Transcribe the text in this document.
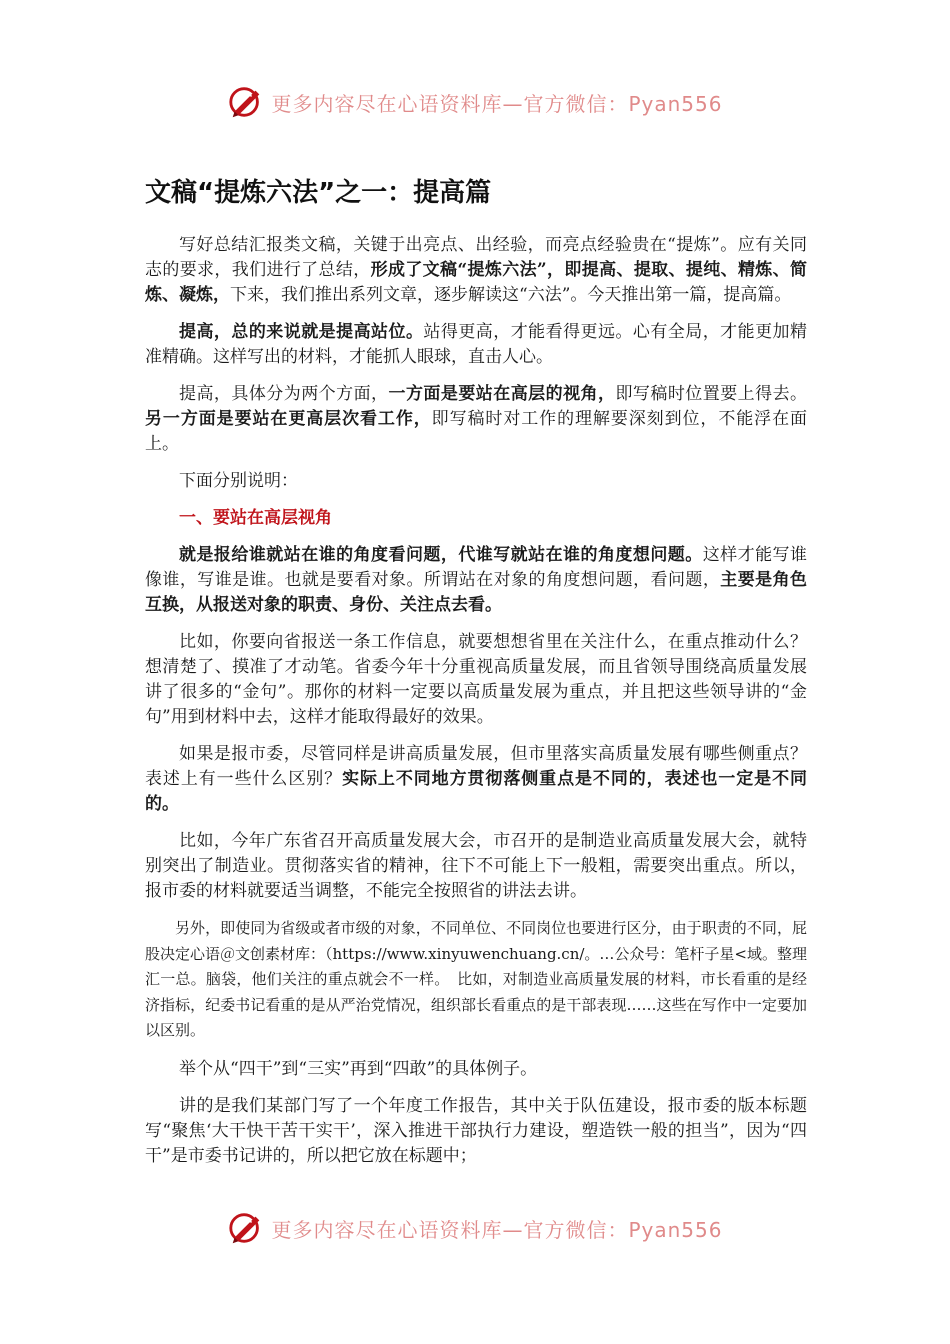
更多内容尽在心语资料库—官方微信：Pyan556
文稿“提炼六法”之一：提高篇

写好总结汇报类文稿，关键于出亮点、出经验，而亮点经验贵在“提炼”。应有关同志的要求，我们进行了总结，形成了文稿“提炼六法”，即提高、提取、提纯、精炼、简炼、凝炼，下来，我们推出系列文章，逐步解读这“六法”。今天推出第一篇，提高篇。

提高，总的来说就是提高站位。站得更高，才能看得更远。心有全局，才能更加精准精确。这样写出的材料，才能抓人眼球，直击人心。

提高，具体分为两个方面，一方面是要站在高层的视角，即写稿时位置要上得去。另一方面是要站在更高层次看工作，即写稿时对工作的理解要深刻到位，不能浮在面上。

下面分别说明：

一、要站在高层视角

就是报给谁就站在谁的角度看问题，代谁写就站在谁的角度想问题。这样才能写谁像谁，写谁是谁。也就是要看对象。所谓站在对象的角度想问题，看问题，主要是角色互换，从报送对象的职责、身份、关注点去看。

比如，你要向省报送一条工作信息，就要想想省里在关注什么，在重点推动什么？想清楚了、摸准了才动笔。省委今年十分重视高质量发展，而且省领导围绕高质量发展讲了很多的“金句”。那你的材料一定要以高质量发展为重点，并且把这些领导讲的“金句”用到材料中去，这样才能取得最好的效果。

如果是报市委，尽管同样是讲高质量发展，但市里落实高质量发展有哪些侧重点？表述上有一些什么区别？实际上不同地方贯彻落侧重点是不同的，表述也一定是不同的。

比如，今年广东省召开高质量发展大会，市召开的是制造业高质量发展大会，就特别突出了制造业。贯彻落实省的精神，往下不可能上下一般粗，需要突出重点。所以，报市委的材料就要适当调整，不能完全按照省的讲法去讲。

另外，即使同为省级或者市级的对象，不同单位、不同岗位也要进行区分，由于职责的不同，屁股决定心语＠文创素材库：（https://www.xinyuwenchuang.cn/。…公众号：笔杆子星<域。整理汇一总。脑袋，他们关注的重点就会不一样。　比如，对制造业高质量发展的材料，市长看重的是经济指标，纪委书记看重的是从严治党情况，组织部长看重点的是干部表现……这些在写作中一定要加以区别。

举个从“四干”到“三实”再到“四敢”的具体例子。

讲的是我们某部门写了一个年度工作报告，其中关于队伍建设，报市委的版本标题写“聚焦‘大干快干苦干实干’，深入推进干部执行力建设，塑造铁一般的担当”，因为“四干”是市委书记讲的，所以把它放在标题中；

更多内容尽在心语资料库—官方微信：Pyan556
